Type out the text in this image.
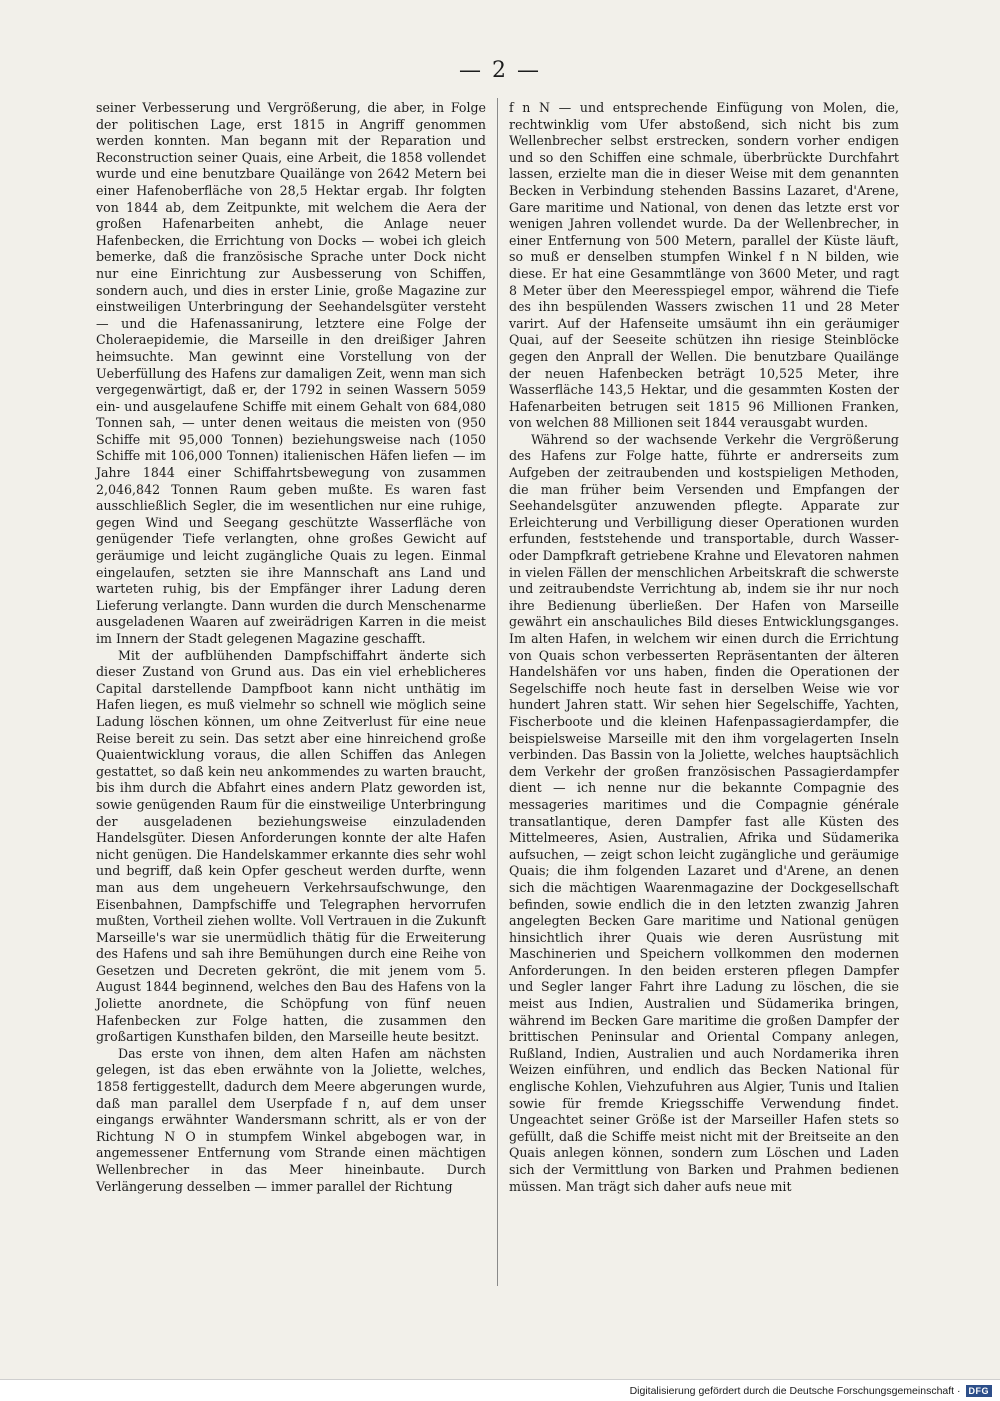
— 2 —

seiner Verbesserung und Vergrößerung, die aber, in Folge der politischen Lage, erst 1815 in Angriff genommen werden konnten. Man begann mit der Reparation und Reconstruction seiner Quais, eine Arbeit, die 1858 vollendet wurde und eine benutzbare Quailänge von 2642 Metern bei einer Hafenoberfläche von 28,5 Hektar ergab. Ihr folgten von 1844 ab, dem Zeitpunkte, mit welchem die Aera der großen Hafenarbeiten anhebt, die Anlage neuer Hafenbecken, die Errichtung von Docks — wobei ich gleich bemerke, daß die französische Sprache unter Dock nicht nur eine Einrichtung zur Ausbesserung von Schiffen, sondern auch, und dies in erster Linie, große Magazine zur einstweiligen Unterbringung der Seehandelsgüter versteht — und die Hafenassanirung, letztere eine Folge der Choleraepidemie, die Marseille in den dreißiger Jahren heimsuchte. Man gewinnt eine Vorstellung von der Ueberfüllung des Hafens zur damaligen Zeit, wenn man sich vergegenwärtigt, daß er, der 1792 in seinen Wassern 5059 ein- und ausgelaufene Schiffe mit einem Gehalt von 684,080 Tonnen sah, — unter denen weitaus die meisten von (950 Schiffe mit 95,000 Tonnen) beziehungsweise nach (1050 Schiffe mit 106,000 Tonnen) italienischen Häfen liefen — im Jahre 1844 einer Schiffahrtsbewegung von zusammen 2,046,842 Tonnen Raum geben mußte. Es waren fast ausschließlich Segler, die im wesentlichen nur eine ruhige, gegen Wind und Seegang geschützte Wasserfläche von genügender Tiefe verlangten, ohne großes Gewicht auf geräumige und leicht zugängliche Quais zu legen. Einmal eingelaufen, setzten sie ihre Mannschaft ans Land und warteten ruhig, bis der Empfänger ihrer Ladung deren Lieferung verlangte. Dann wurden die durch Menschenarme ausgeladenen Waaren auf zweirädrigen Karren in die meist im Innern der Stadt gelegenen Magazine geschafft.

Mit der aufblühenden Dampfschiffahrt änderte sich dieser Zustand von Grund aus. Das ein viel erheblicheres Capital darstellende Dampfboot kann nicht unthätig im Hafen liegen, es muß vielmehr so schnell wie möglich seine Ladung löschen können, um ohne Zeitverlust für eine neue Reise bereit zu sein. Das setzt aber eine hinreichend große Quaientwicklung voraus, die allen Schiffen das Anlegen gestattet, so daß kein neu ankommendes zu warten braucht, bis ihm durch die Abfahrt eines andern Platz geworden ist, sowie genügenden Raum für die einstweilige Unterbringung der ausgeladenen beziehungsweise einzuladenden Handelsgüter. Diesen Anforderungen konnte der alte Hafen nicht genügen. Die Handelskammer erkannte dies sehr wohl und begriff, daß kein Opfer gescheut werden durfte, wenn man aus dem ungeheuern Verkehrsaufschwunge, den Eisenbahnen, Dampfschiffe und Telegraphen hervorrufen mußten, Vortheil ziehen wollte. Voll Vertrauen in die Zukunft Marseille's war sie unermüdlich thätig für die Erweiterung des Hafens und sah ihre Bemühungen durch eine Reihe von Gesetzen und Decreten gekrönt, die mit jenem vom 5. August 1844 beginnend, welches den Bau des Hafens von la Joliette anordnete, die Schöpfung von fünf neuen Hafenbecken zur Folge hatten, die zusammen den großartigen Kunsthafen bilden, den Marseille heute besitzt.

Das erste von ihnen, dem alten Hafen am nächsten gelegen, ist das eben erwähnte von la Joliette, welches, 1858 fertiggestellt, dadurch dem Meere abgerungen wurde, daß man parallel dem Userpfade f n, auf dem unser eingangs erwähnter Wandersmann schritt, als er von der Richtung N O in stumpfem Winkel abgebogen war, in angemessener Entfernung vom Strande einen mächtigen Wellenbrecher in das Meer hineinbaute. Durch Verlängerung desselben — immer parallel der Richtung

f n N — und entsprechende Einfügung von Molen, die, rechtwinklig vom Ufer abstoßend, sich nicht bis zum Wellenbrecher selbst erstrecken, sondern vorher endigen und so den Schiffen eine schmale, überbrückte Durchfahrt lassen, erzielte man die in dieser Weise mit dem genannten Becken in Verbindung stehenden Bassins Lazaret, d'Arene, Gare maritime und National, von denen das letzte erst vor wenigen Jahren vollendet wurde. Da der Wellenbrecher, in einer Entfernung von 500 Metern, parallel der Küste läuft, so muß er denselben stumpfen Winkel f n N bilden, wie diese. Er hat eine Gesammtlänge von 3600 Meter, und ragt 8 Meter über den Meeresspiegel empor, während die Tiefe des ihn bespülenden Wassers zwischen 11 und 28 Meter varirt. Auf der Hafenseite umsäumt ihn ein geräumiger Quai, auf der Seeseite schützen ihn riesige Steinblöcke gegen den Anprall der Wellen. Die benutzbare Quailänge der neuen Hafenbecken beträgt 10,525 Meter, ihre Wasserfläche 143,5 Hektar, und die gesammten Kosten der Hafenarbeiten betrugen seit 1815 96 Millionen Franken, von welchen 88 Millionen seit 1844 verausgabt wurden.

Während so der wachsende Verkehr die Vergrößerung des Hafens zur Folge hatte, führte er andrerseits zum Aufgeben der zeitraubenden und kostspieligen Methoden, die man früher beim Versenden und Empfangen der Seehandelsgüter anzuwenden pflegte. Apparate zur Erleichterung und Verbilligung dieser Operationen wurden erfunden, feststehende und transportable, durch Wasser- oder Dampfkraft getriebene Krahne und Elevatoren nahmen in vielen Fällen der menschlichen Arbeitskraft die schwerste und zeitraubendste Verrichtung ab, indem sie ihr nur noch ihre Bedienung überließen. Der Hafen von Marseille gewährt ein anschauliches Bild dieses Entwicklungsganges. Im alten Hafen, in welchem wir einen durch die Errichtung von Quais schon verbesserten Repräsentanten der älteren Handelshäfen vor uns haben, finden die Operationen der Segelschiffe noch heute fast in derselben Weise wie vor hundert Jahren statt. Wir sehen hier Segelschiffe, Yachten, Fischerboote und die kleinen Hafenpassagierdampfer, die beispielsweise Marseille mit den ihm vorgelagerten Inseln verbinden. Das Bassin von la Joliette, welches hauptsächlich dem Verkehr der großen französischen Passagierdampfer dient — ich nenne nur die bekannte Compagnie des messageries maritimes und die Compagnie générale transatlantique, deren Dampfer fast alle Küsten des Mittelmeeres, Asien, Australien, Afrika und Südamerika aufsuchen, — zeigt schon leicht zugängliche und geräumige Quais; die ihm folgenden Lazaret und d'Arene, an denen sich die mächtigen Waarenmagazine der Dockgesellschaft befinden, sowie endlich die in den letzten zwanzig Jahren angelegten Becken Gare maritime und National genügen hinsichtlich ihrer Quais wie deren Ausrüstung mit Maschinerien und Speichern vollkommen den modernen Anforderungen. In den beiden ersteren pflegen Dampfer und Segler langer Fahrt ihre Ladung zu löschen, die sie meist aus Indien, Australien und Südamerika bringen, während im Becken Gare maritime die großen Dampfer der brittischen Peninsular and Oriental Company anlegen, Rußland, Indien, Australien und auch Nordamerika ihren Weizen einführen, und endlich das Becken National für englische Kohlen, Viehzufuhren aus Algier, Tunis und Italien sowie für fremde Kriegsschiffe Verwendung findet. Ungeachtet seiner Größe ist der Marseiller Hafen stets so gefüllt, daß die Schiffe meist nicht mit der Breitseite an den Quais anlegen können, sondern zum Löschen und Laden sich der Vermittlung von Barken und Prahmen bedienen müssen. Man trägt sich daher aufs neue mit

Digitalisierung gefördert durch die Deutsche Forschungsgemeinschaft · DFG
